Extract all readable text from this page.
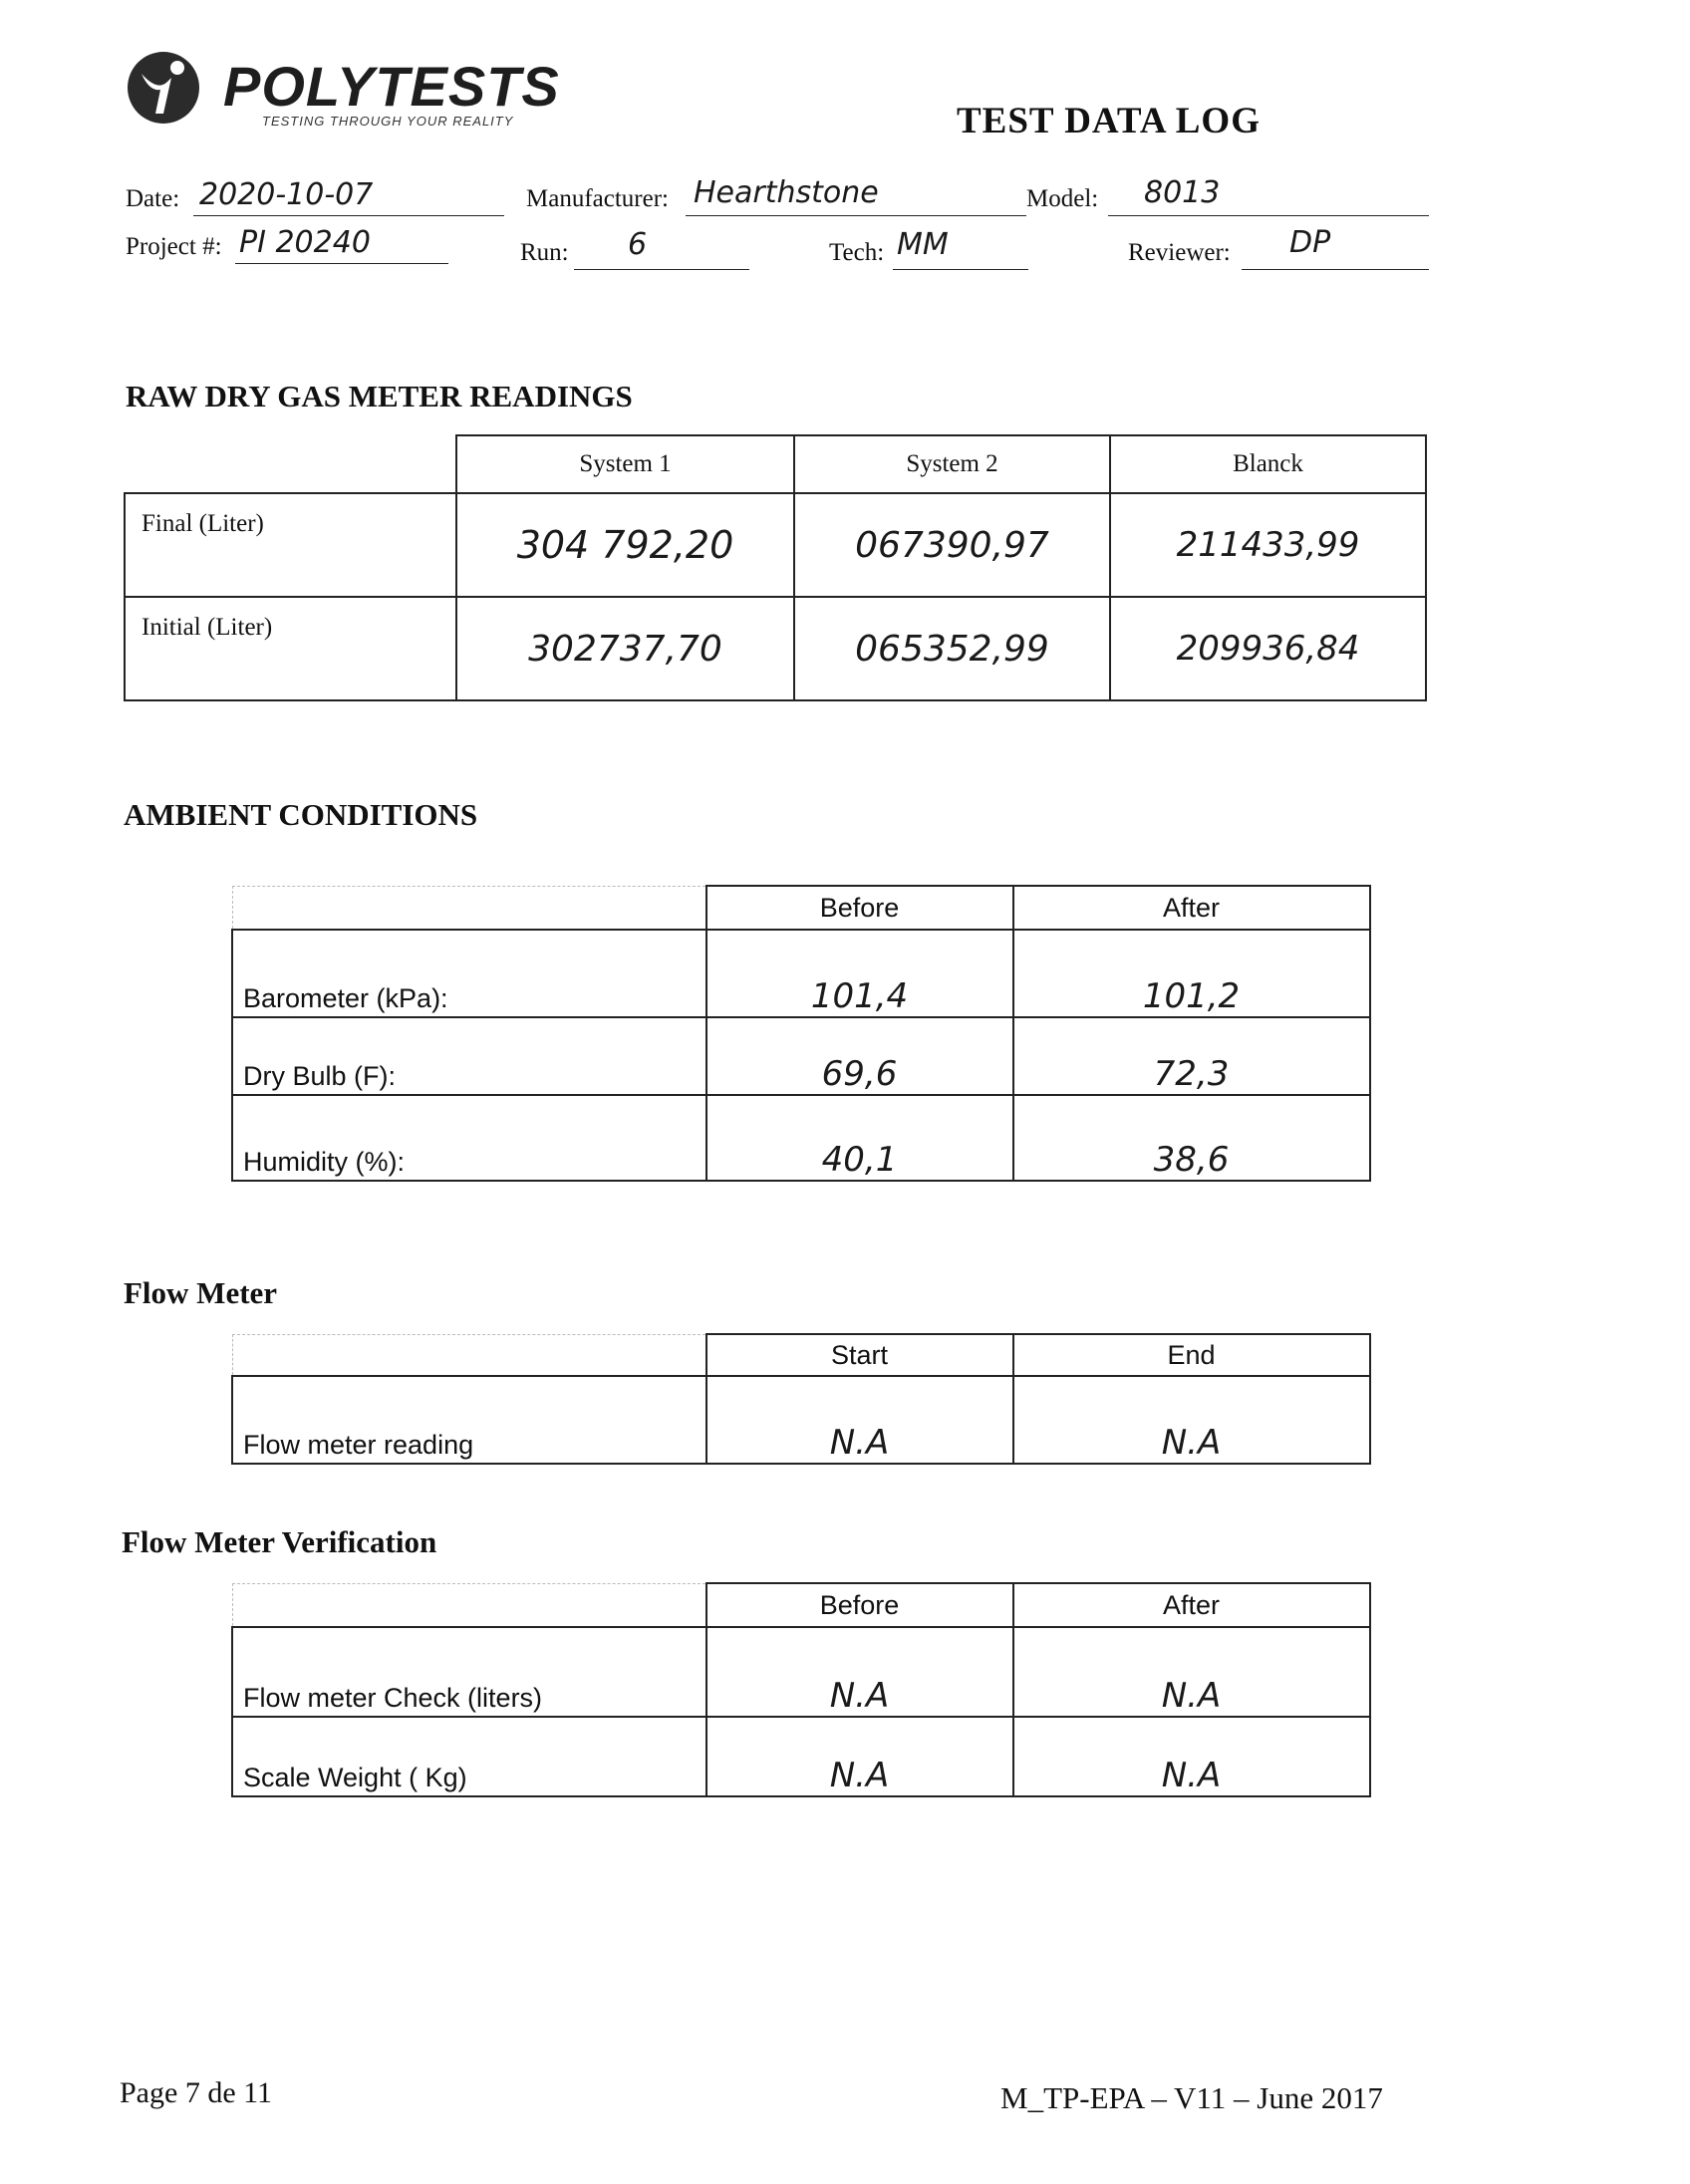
POLYTESTS
TESTING THROUGH YOUR REALITY	TEST DATA LOG
Date: 2020-10-07	Manufacturer: Hearthstone	Model: 8013
Project #: PI 20240	Run: 6	Tech: MM	Reviewer: DP
RAW DRY GAS METER READINGS
	System 1	System 2	Blanck
Final (Liter)	304 792,20	067390,97	211433,99
Initial (Liter)	302737,70	065352,99	209936,84
AMBIENT CONDITIONS
	Before	After
Barometer (kPa):	101,4	101,2
Dry Bulb (F):	69,6	72,3
Humidity (%):	40,1	38,6
Flow Meter
	Start	End
Flow meter reading	N.A	N.A
Flow Meter Verification
	Before	After
Flow meter Check (liters)	N.A	N.A
Scale Weight ( Kg)	N.A	N.A
Page 7 de 11	M_TP-EPA – V11 – June 2017
